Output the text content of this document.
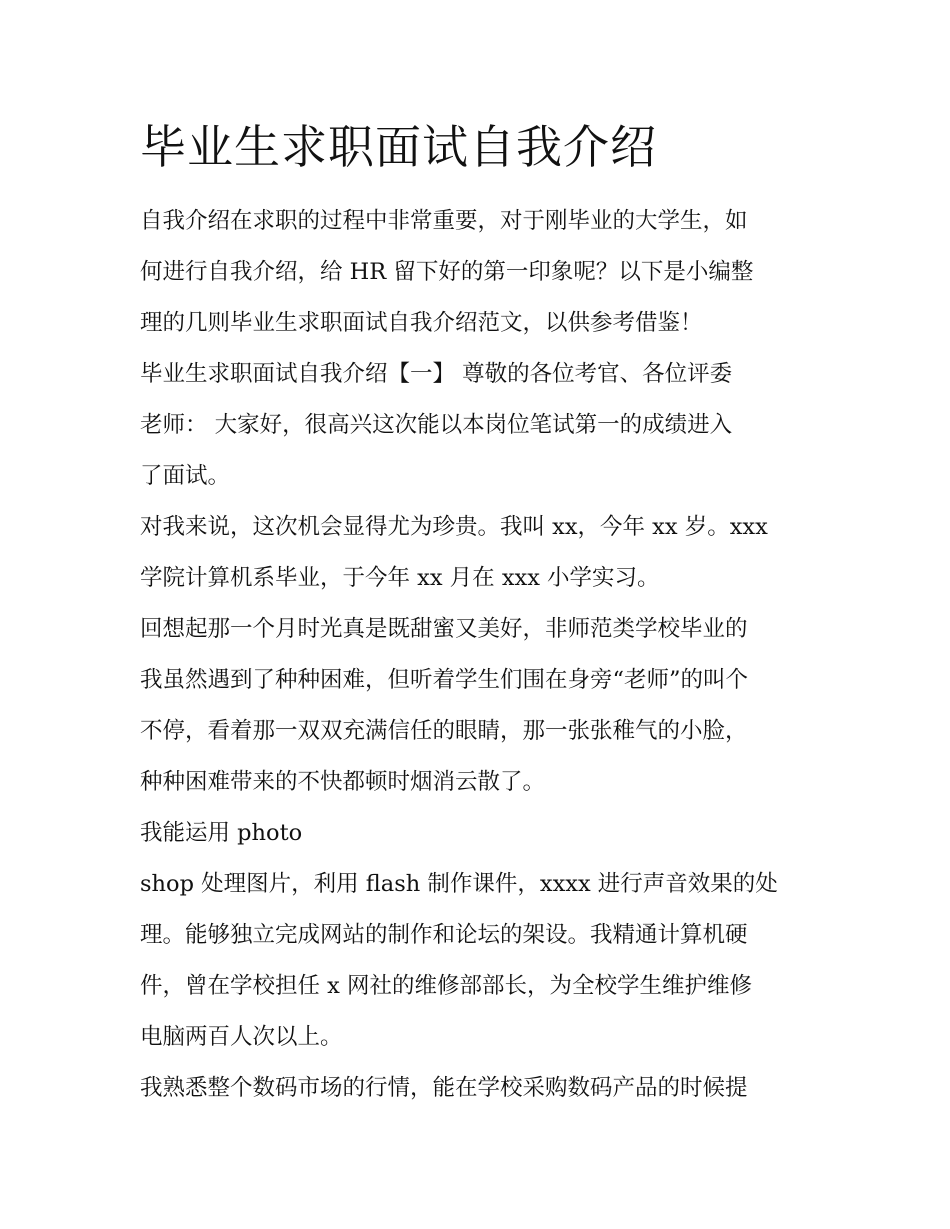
毕业生求职面试自我介绍

自我介绍在求职的过程中非常重要，对于刚毕业的大学生，如

何进行自我介绍，给 HR 留下好的第一印象呢？以下是小编整

理的几则毕业生求职面试自我介绍范文，以供参考借鉴！

毕业生求职面试自我介绍【一】 尊敬的各位考官、各位评委

老师： 大家好，很高兴这次能以本岗位笔试第一的成绩进入

了面试。

对我来说，这次机会显得尤为珍贵。我叫 xx，今年 xx 岁。xxx

学院计算机系毕业，于今年 xx 月在 xxx 小学实习。

回想起那一个月时光真是既甜蜜又美好，非师范类学校毕业的

我虽然遇到了种种困难，但听着学生们围在身旁“老师”的叫个

不停，看着那一双双充满信任的眼睛，那一张张稚气的小脸，

种种困难带来的不快都顿时烟消云散了。

我能运用 photo

shop 处理图片，利用 flash 制作课件，xxxx 进行声音效果的处

理。能够独立完成网站的制作和论坛的架设。我精通计算机硬

件，曾在学校担任 x 网社的维修部部长，为全校学生维护维修

电脑两百人次以上。

我熟悉整个数码市场的行情，能在学校采购数码产品的时候提
